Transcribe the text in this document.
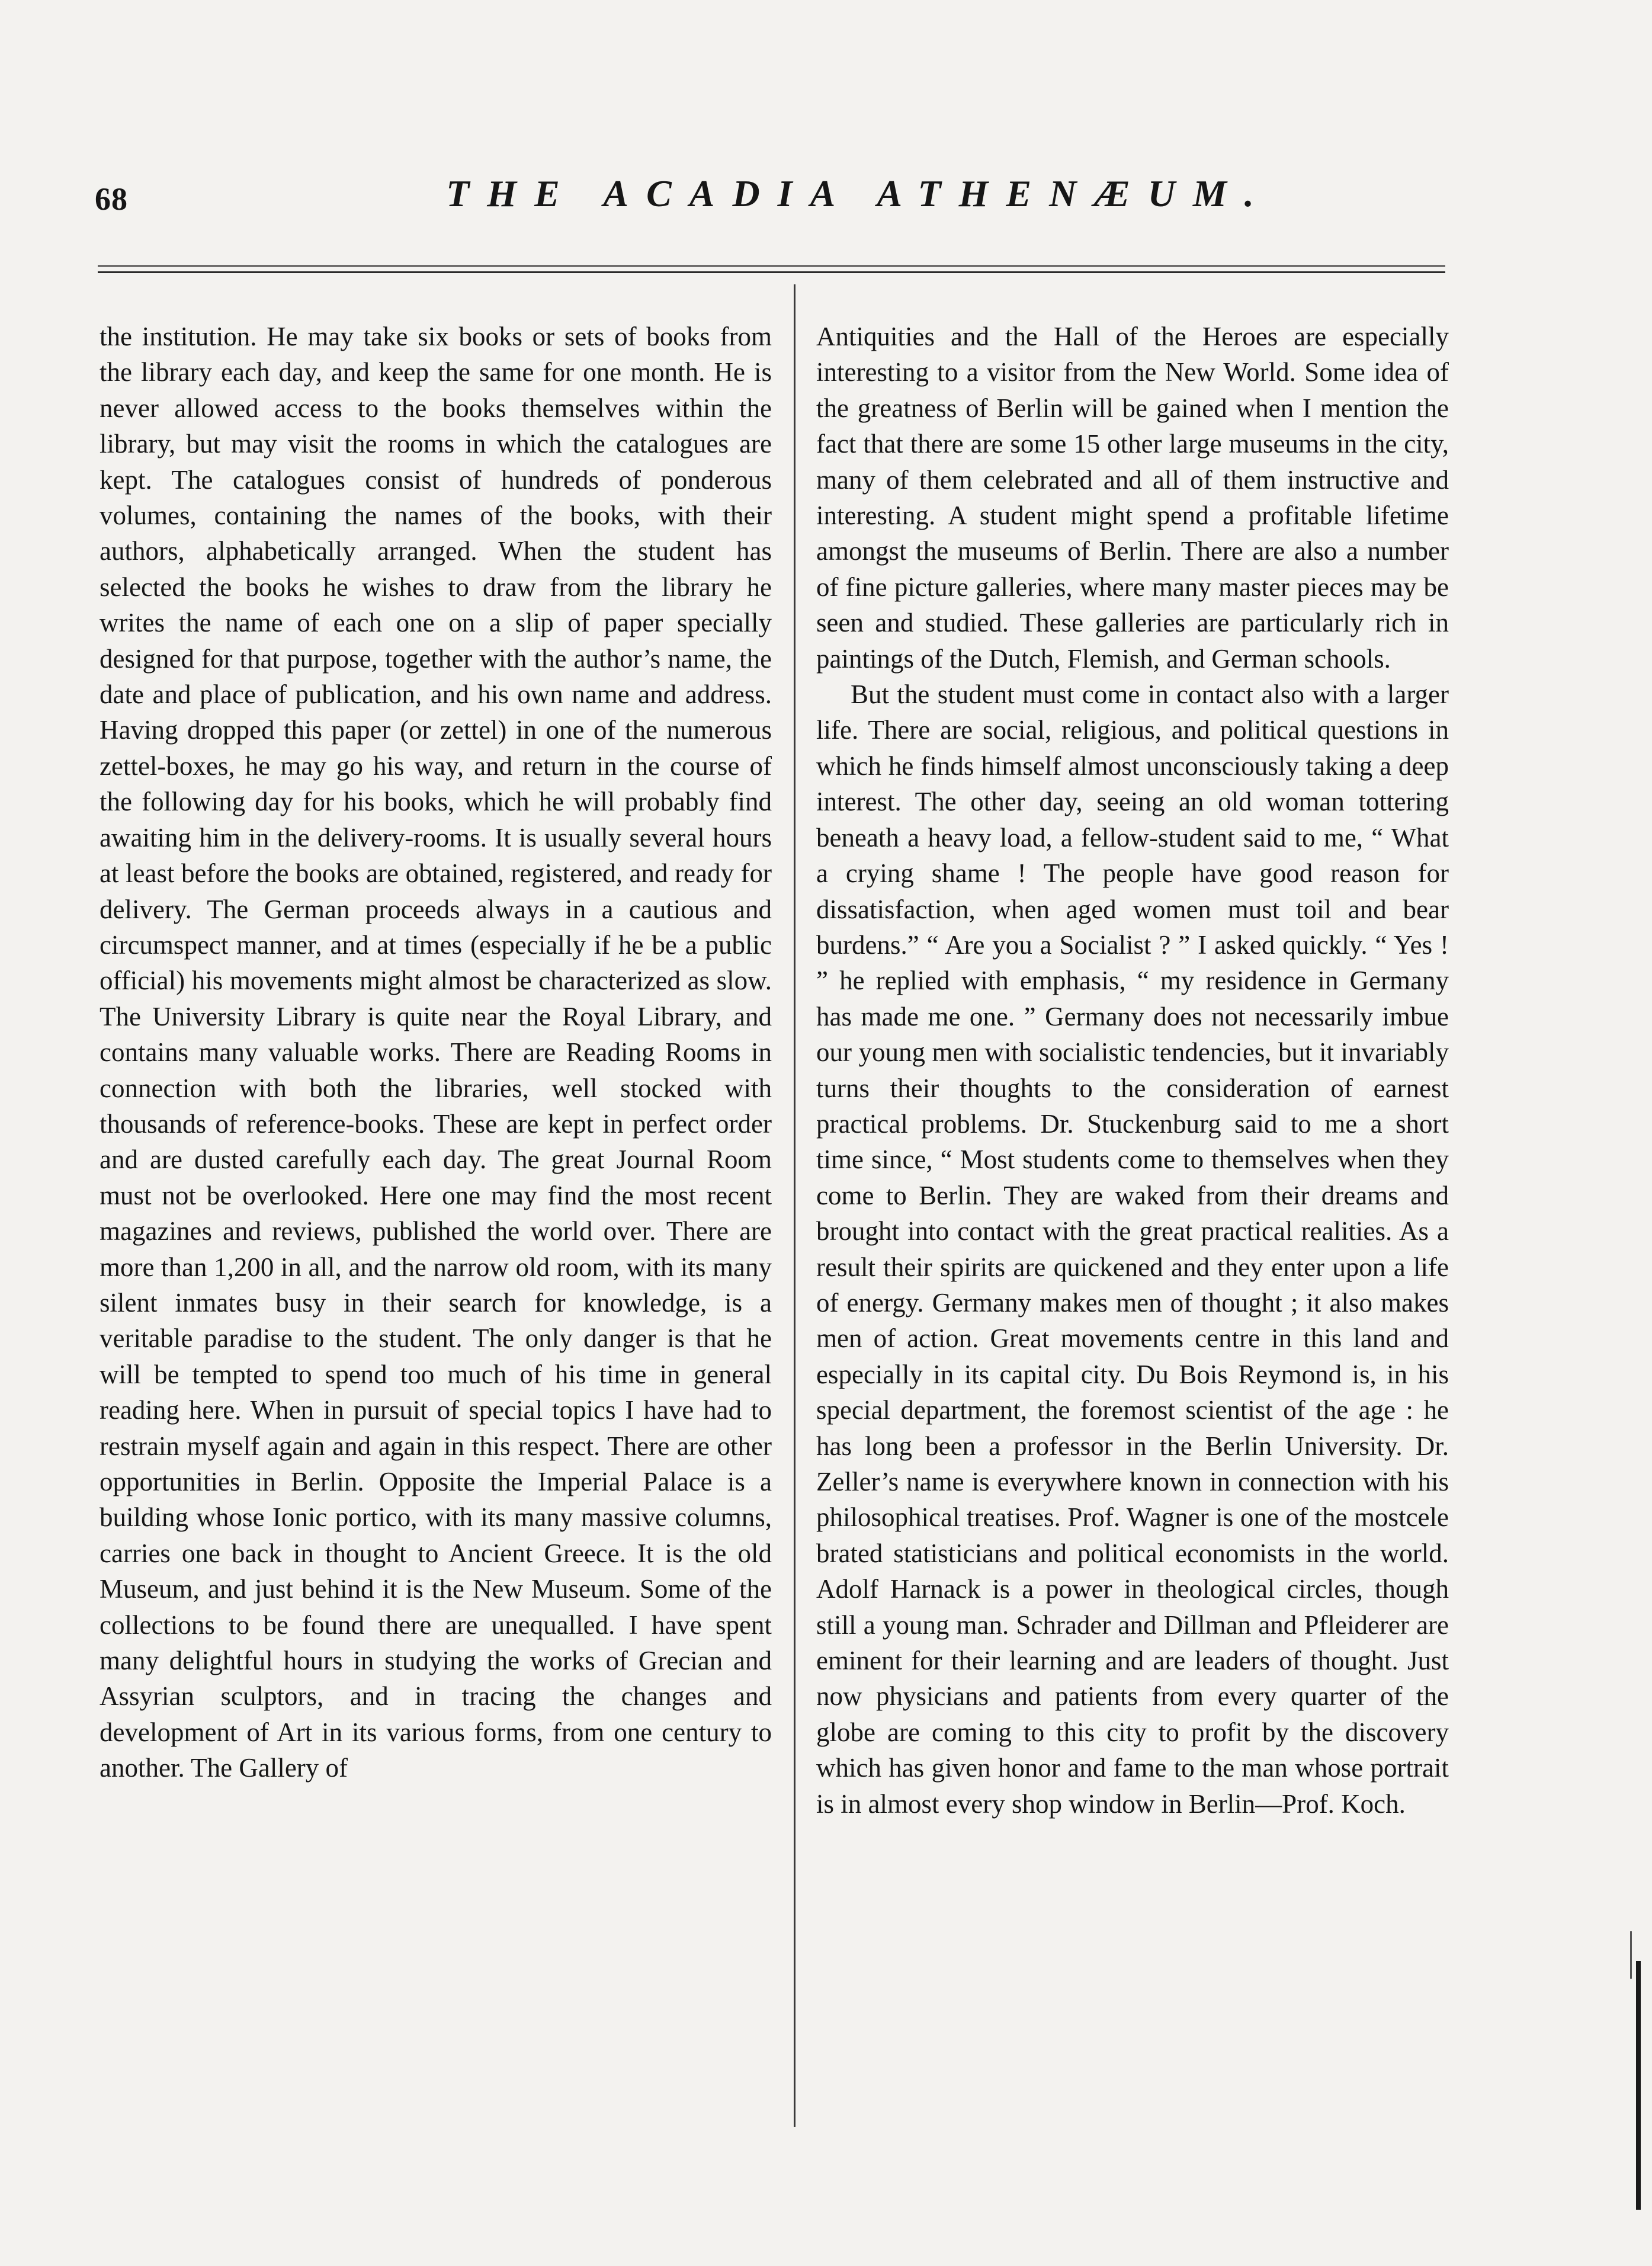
68	THE ACADIA ATHENÆUM.

the institution. He may take six books or sets of books from the library each day, and keep the same for one month. He is never allowed access to the books themselves within the library, but may visit the rooms in which the catalogues are kept. The catalogues consist of hundreds of ponderous volumes, containing the names of the books, with their authors, alphabetically arranged. When the student has selected the books he wishes to draw from the library he writes the name of each one on a slip of paper specially designed for that purpose, together with the author’s name, the date and place of publication, and his own name and address. Having dropped this paper (or zettel) in one of the numerous zettel-boxes, he may go his way, and return in the course of the following day for his books, which he will probably find awaiting him in the delivery-rooms. It is usually several hours at least before the books are obtained, registered, and ready for delivery. The German proceeds always in a cautious and circumspect manner, and at times (especially if he be a public official) his movements might almost be characterized as slow. The University Library is quite near the Royal Library, and contains many valuable works. There are Reading Rooms in connection with both the libraries, well stocked with thousands of reference-books. These are kept in perfect order and are dusted carefully each day. The great Journal Room must not be overlooked. Here one may find the most recent magazines and reviews, published the world over. There are more than 1,200 in all, and the narrow old room, with its many silent inmates busy in their search for knowledge, is a veritable paradise to the student. The only danger is that he will be tempted to spend too much of his time in general reading here. When in pursuit of special topics I have had to restrain myself again and again in this respect. There are other opportunities in Berlin. Opposite the Imperial Palace is a building whose Ionic portico, with its many massive columns, carries one back in thought to Ancient Greece. It is the old Museum, and just behind it is the New Museum. Some of the collections to be found there are unequalled. I have spent many delightful hours in studying the works of Grecian and Assyrian sculptors, and in tracing the changes and development of Art in its various forms, from one century to another. The Gallery of

Antiquities and the Hall of the Heroes are especially interesting to a visitor from the New World. Some idea of the greatness of Berlin will be gained when I mention the fact that there are some 15 other large museums in the city, many of them celebrated and all of them instructive and interesting. A student might spend a profitable lifetime amongst the museums of Berlin. There are also a number of fine picture galleries, where many master pieces may be seen and studied. These galleries are particularly rich in paintings of the Dutch, Flemish, and German schools.

But the student must come in contact also with a larger life. There are social, religious, and political questions in which he finds himself almost unconsciously taking a deep interest. The other day, seeing an old woman tottering beneath a heavy load, a fellow-student said to me, “ What a crying shame ! The people have good reason for dissatisfaction, when aged women must toil and bear burdens.” “ Are you a Socialist ? ” I asked quickly. “ Yes ! ” he replied with emphasis, “ my residence in Germany has made me one. ” Germany does not necessarily imbue our young men with socialistic tendencies, but it invariably turns their thoughts to the consideration of earnest practical problems. Dr. Stuckenburg said to me a short time since, “ Most students come to themselves when they come to Berlin. They are waked from their dreams and brought into contact with the great practical realities. As a result their spirits are quickened and they enter upon a life of energy. Germany makes men of thought ; it also makes men of action. Great movements centre in this land and especially in its capital city. Du Bois Reymond is, in his special department, the foremost scientist of the age : he has long been a professor in the Berlin University. Dr. Zeller’s name is everywhere known in connection with his philosophical treatises. Prof. Wagner is one of the mostcele brated statisticians and political economists in the world. Adolf Harnack is a power in theological circles, though still a young man. Schrader and Dillman and Pfleiderer are eminent for their learning and are leaders of thought. Just now physicians and patients from every quarter of the globe are coming to this city to profit by the discovery which has given honor and fame to the man whose portrait is in almost every shop window in Berlin—Prof. Koch.
